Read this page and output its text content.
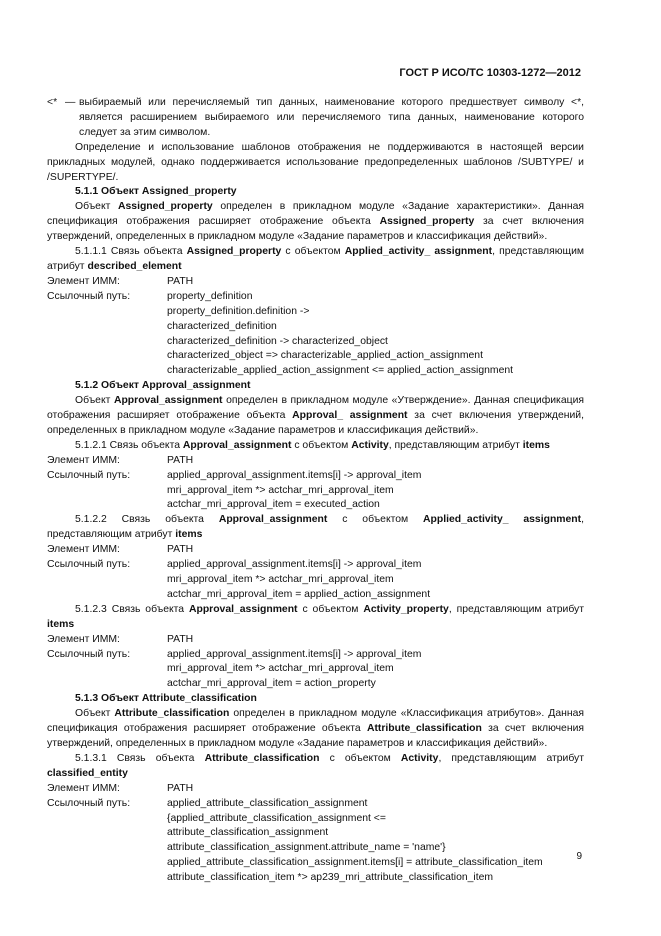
ГОСТ Р ИСО/ТС 10303-1272—2012
<* — выбираемый или перечисляемый тип данных, наименование которого предшествует символу <*, является расширением выбираемого или перечисляемого типа данных, наименование которого следует за этим символом.

Определение и использование шаблонов отображения не поддерживаются в настоящей версии прикладных модулей, однако поддерживается использование предопределенных шаблонов /SUBTYPE/ и /SUPERTYPE/.

5.1.1 Объект Assigned_property

Объект Assigned_property определен в прикладном модуле «Задание характеристики». Данная спецификация отображения расширяет отображение объекта Assigned_property за счет включения утверждений, определенных в прикладном модуле «Задание параметров и классификация действий».

5.1.1.1 Связь объекта Assigned_property с объектом Applied_activity_ assignment, представляющим атрибут described_element

Элемент ИММ:	PATH
Ссылочный путь:	property_definition
property_definition.definition ->
characterized_definition
characterized_definition -> characterized_object
characterized_object => characterizable_applied_action_assignment
characterizable_applied_action_assignment <= applied_action_assignment

5.1.2 Объект Approval_assignment

Объект Approval_assignment определен в прикладном модуле «Утверждение». Данная спецификация отображения расширяет отображение объекта Approval_ assignment за счет включения утверждений, определенных в прикладном модуле «Задание параметров и классификация действий».

5.1.2.1 Связь объекта Approval_assignment с объектом Activity, представляющим атрибут items

Элемент ИММ:	PATH
Ссылочный путь:	applied_approval_assignment.items[i] -> approval_item
mri_approval_item *> actchar_mri_approval_item
actchar_mri_approval_item = executed_action

5.1.2.2 Связь объекта Approval_assignment с объектом Applied_activity_ assignment, представляющим атрибут items

Элемент ИММ:	PATH
Ссылочный путь:	applied_approval_assignment.items[i] -> approval_item
mri_approval_item *> actchar_mri_approval_item
actchar_mri_approval_item = applied_action_assignment

5.1.2.3 Связь объекта Approval_assignment с объектом Activity_property, представляющим атрибут items

Элемент ИММ:	PATH
Ссылочный путь:	applied_approval_assignment.items[i] -> approval_item
mri_approval_item *> actchar_mri_approval_item
actchar_mri_approval_item = action_property

5.1.3 Объект Attribute_classification

Объект Attribute_classification определен в прикладном модуле «Классификация атрибутов». Данная спецификация отображения расширяет отображение объекта Attribute_classification за счет включения утверждений, определенных в прикладном модуле «Задание параметров и классификация действий».

5.1.3.1 Связь объекта Attribute_classification с объектом Activity, представляющим атрибут classified_entity

Элемент ИММ:	PATH
Ссылочный путь:	applied_attribute_classification_assignment
{applied_attribute_classification_assignment <=
attribute_classification_assignment
attribute_classification_assignment.attribute_name = 'name'}
applied_attribute_classification_assignment.items[i] = attribute_classification_item
attribute_classification_item *> ap239_mri_attribute_classification_item
9
